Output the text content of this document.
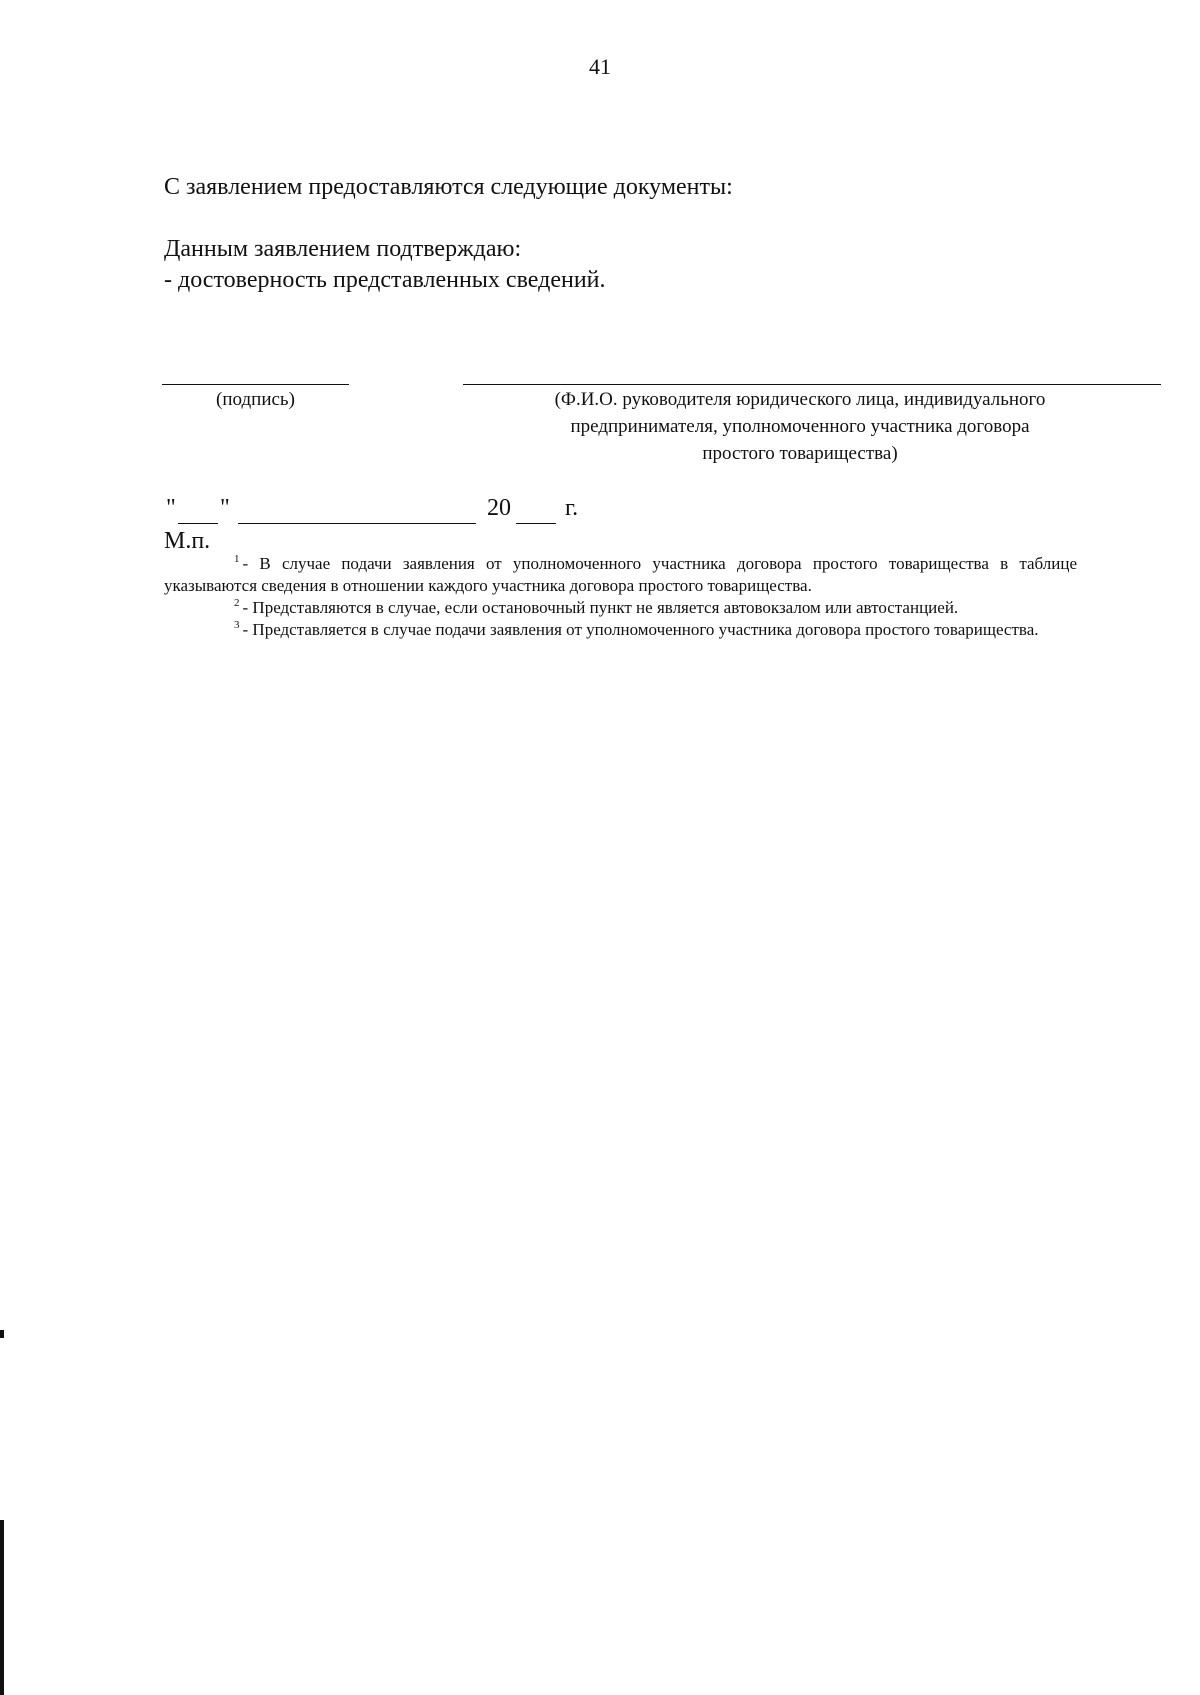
41
С заявлением предоставляются следующие документы:
Данным заявлением подтверждаю:
- достоверность представленных сведений.
(подпись)	(Ф.И.О. руководителя юридического лица, индивидуального
предпринимателя, уполномоченного участника договора
простого товарищества)
" "	20 г.
М.п.

$^1$ - В случае подачи заявления от уполномоченного участника договора простого товарищества в таблице указываются сведения в отношении каждого участника договора простого товарищества.

$^2$ - Представляются в случае, если остановочный пункт не является автовокзалом или автостанцией.

$^3$ - Представляется в случае подачи заявления от уполномоченного участника договора простого товарищества.
